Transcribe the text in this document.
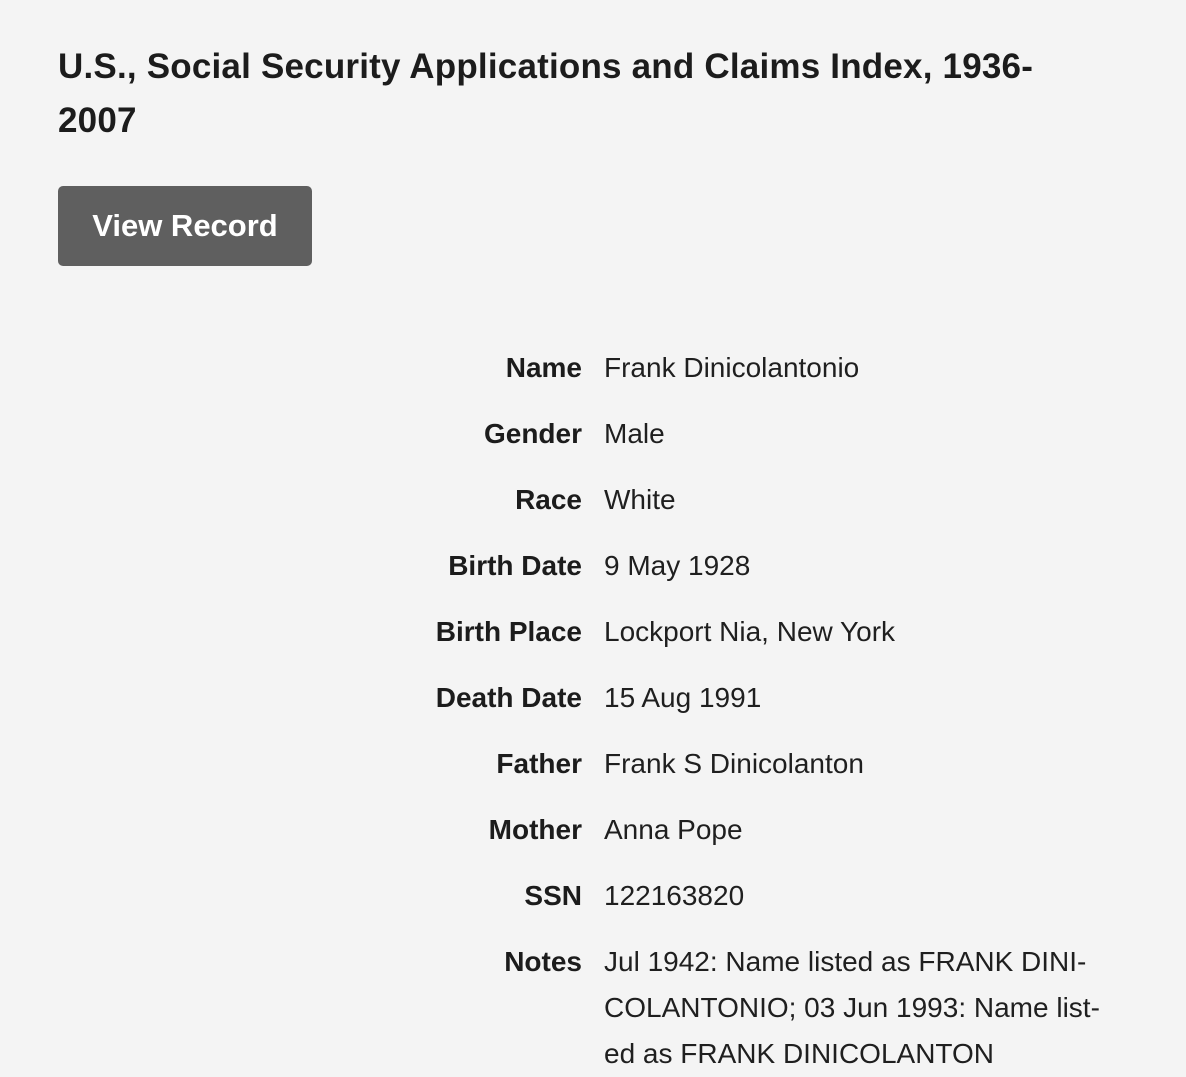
U.S., Social Security Applications and Claims Index, 1936-
2007
View Record
Name Frank Dinicolantonio
Gender Male
Race White
Birth Date 9 May 1928
Birth Place Lockport Nia, New York
Death Date 15 Aug 1991
Father Frank S Dinicolanton
Mother Anna Pope
SSN 122163820
Notes Jul 1942: Name listed as FRANK DINI-
COLANTONIO; 03 Jun 1993: Name list-
ed as FRANK DINICOLANTON
